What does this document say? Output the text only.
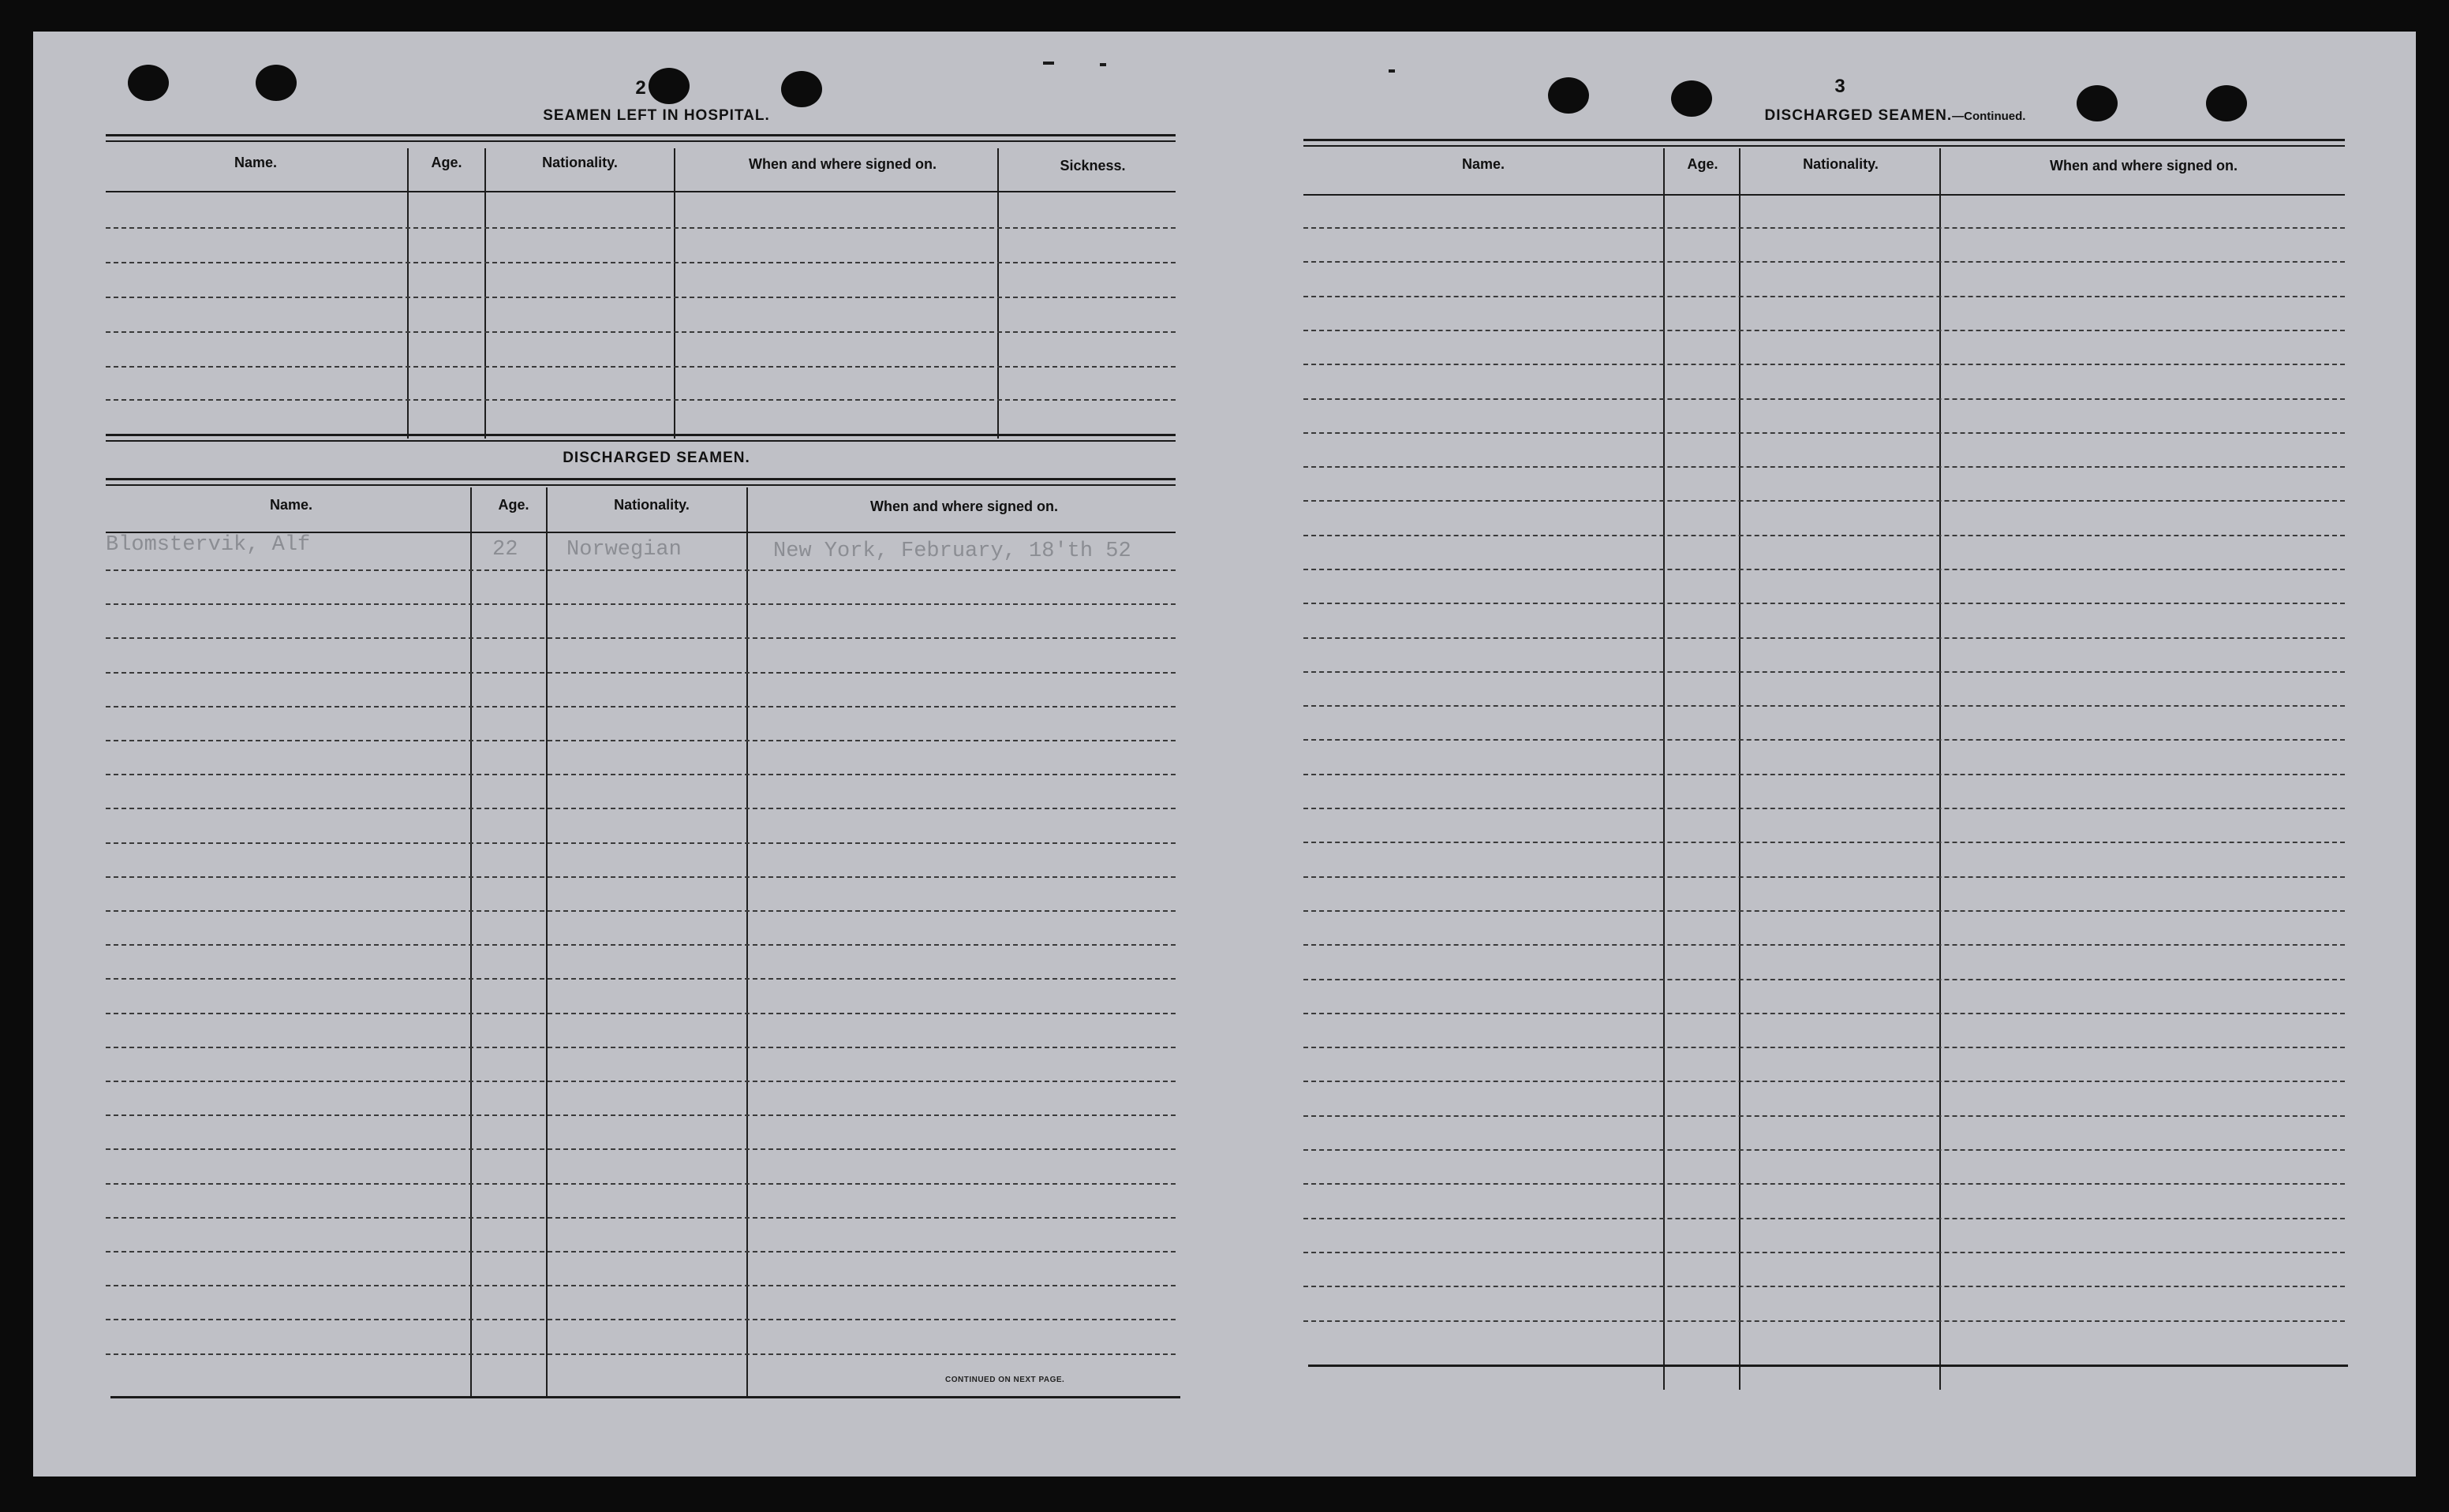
2
SEAMEN LEFT IN HOSPITAL.
Name.	Age.	Nationality.	When and where signed on.	Sickness.
DISCHARGED SEAMEN.
Name.	Age.	Nationality.	When and where signed on.
Blomstervik, Alf	22 Norwegian	New York, February, 18'th 52
CONTINUED ON NEXT PAGE.
3
DISCHARGED SEAMEN.—Continued.
Name.	Age.	Nationality.	When and where signed on.
